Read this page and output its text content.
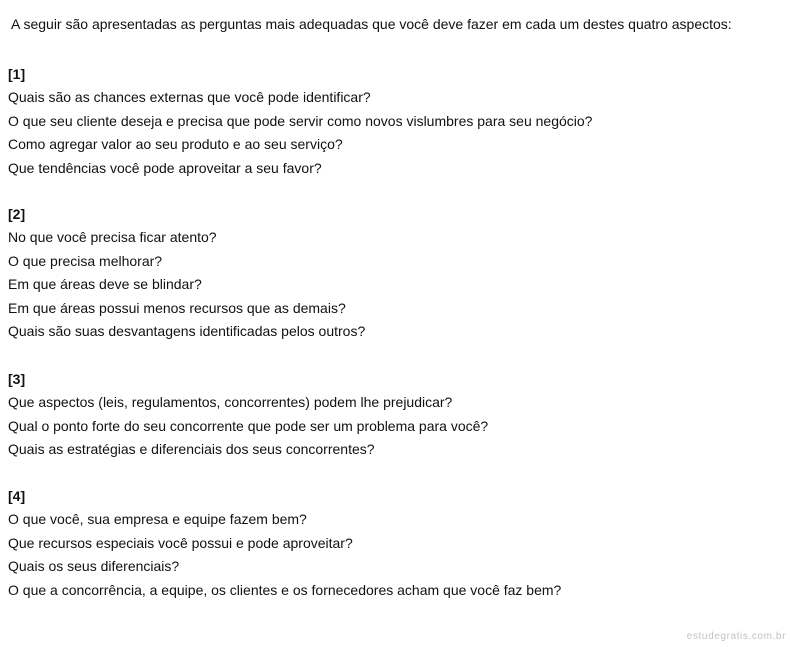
A seguir são apresentadas as perguntas mais adequadas que você deve fazer em cada um destes quatro aspectos:

[1]

Quais são as chances externas que você pode identificar?
O que seu cliente deseja e precisa que pode servir como novos vislumbres para seu negócio?
Como agregar valor ao seu produto e ao seu serviço?
Que tendências você pode aproveitar a seu favor?

[2]

No que você precisa ficar atento?
O que precisa melhorar?
Em que áreas deve se blindar?
Em que áreas possui menos recursos que as demais?
Quais são suas desvantagens identificadas pelos outros?

[3]

Que aspectos (leis, regulamentos, concorrentes) podem lhe prejudicar?
Qual o ponto forte do seu concorrente que pode ser um problema para você?
Quais as estratégias e diferenciais dos seus concorrentes?

[4]

O que você, sua empresa e equipe fazem bem?
Que recursos especiais você possui e pode aproveitar?
Quais os seus diferenciais?
O que a concorrência, a equipe, os clientes e os fornecedores acham que você faz bem?
estudegratis.com.br
